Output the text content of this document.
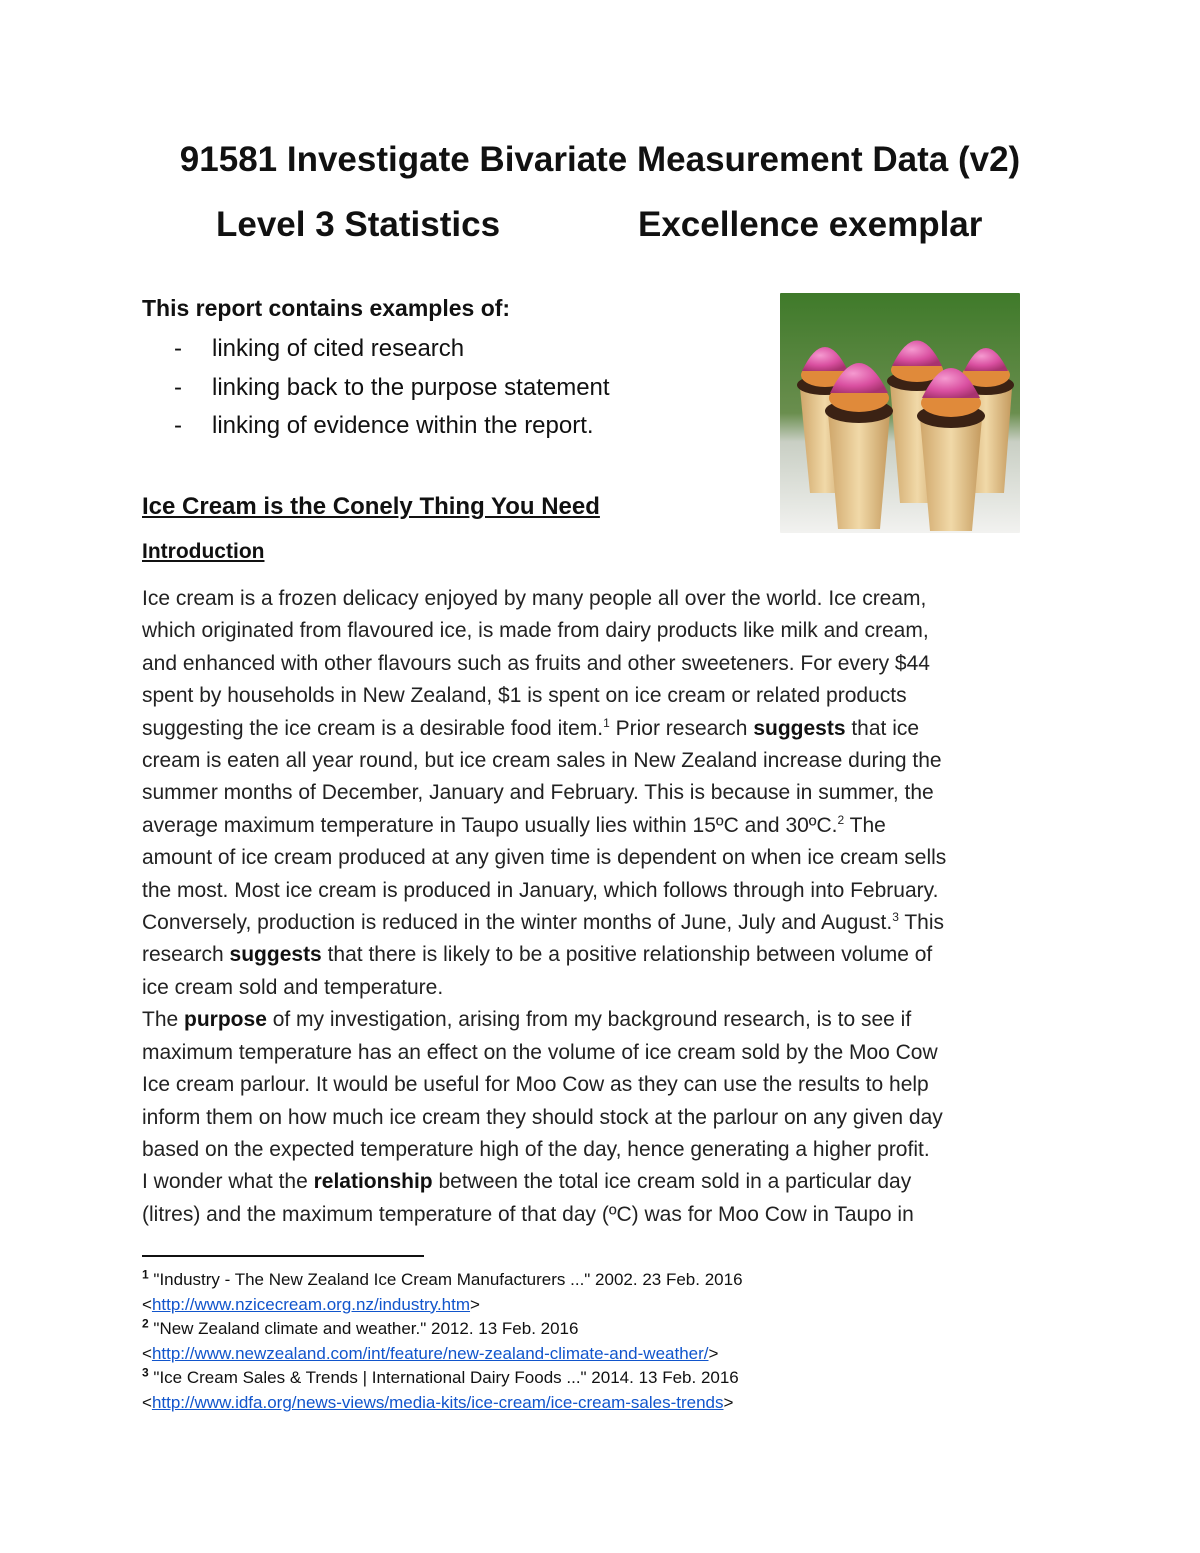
91581 Investigate Bivariate Measurement Data (v2)
Level 3 Statistics	Excellence exemplar
This report contains examples of:
- linking of cited research
- linking back to the purpose statement
- linking of evidence within the report.
Ice Cream is the Conely Thing You Need
Introduction
Ice cream is a frozen delicacy enjoyed by many people all over the world. Ice cream,
which originated from flavoured ice, is made from dairy products like milk and cream,
and enhanced with other flavours such as fruits and other sweeteners. For every $44
spent by households in New Zealand, $1 is spent on ice cream or related products
suggesting the ice cream is a desirable food item.$^1$ Prior research suggests that ice
cream is eaten all year round, but ice cream sales in New Zealand increase during the
summer months of December, January and February. This is because in summer, the
average maximum temperature in Taupo usually lies within 15ºC and 30ºC.$^2$ The
amount of ice cream produced at any given time is dependent on when ice cream sells
the most. Most ice cream is produced in January, which follows through into February.
Conversely, production is reduced in the winter months of June, July and August.$^3$ This
research suggests that there is likely to be a positive relationship between volume of
ice cream sold and temperature.
The purpose of my investigation, arising from my background research, is to see if
maximum temperature has an effect on the volume of ice cream sold by the Moo Cow
Ice cream parlour. It would be useful for Moo Cow as they can use the results to help
inform them on how much ice cream they should stock at the parlour on any given day
based on the expected temperature high of the day, hence generating a higher profit.
I wonder what the relationship between the total ice cream sold in a particular day
(litres) and the maximum temperature of that day (ºC) was for Moo Cow in Taupo in
$^1$ "Industry - The New Zealand Ice Cream Manufacturers ..." 2002. 23 Feb. 2016
<http://www.nzicecream.org.nz/industry.htm>
$^2$ "New Zealand climate and weather." 2012. 13 Feb. 2016
<http://www.newzealand.com/int/feature/new-zealand-climate-and-weather/>
$^3$ "Ice Cream Sales & Trends | International Dairy Foods ..." 2014. 13 Feb. 2016
<http://www.idfa.org/news-views/media-kits/ice-cream/ice-cream-sales-trends>
